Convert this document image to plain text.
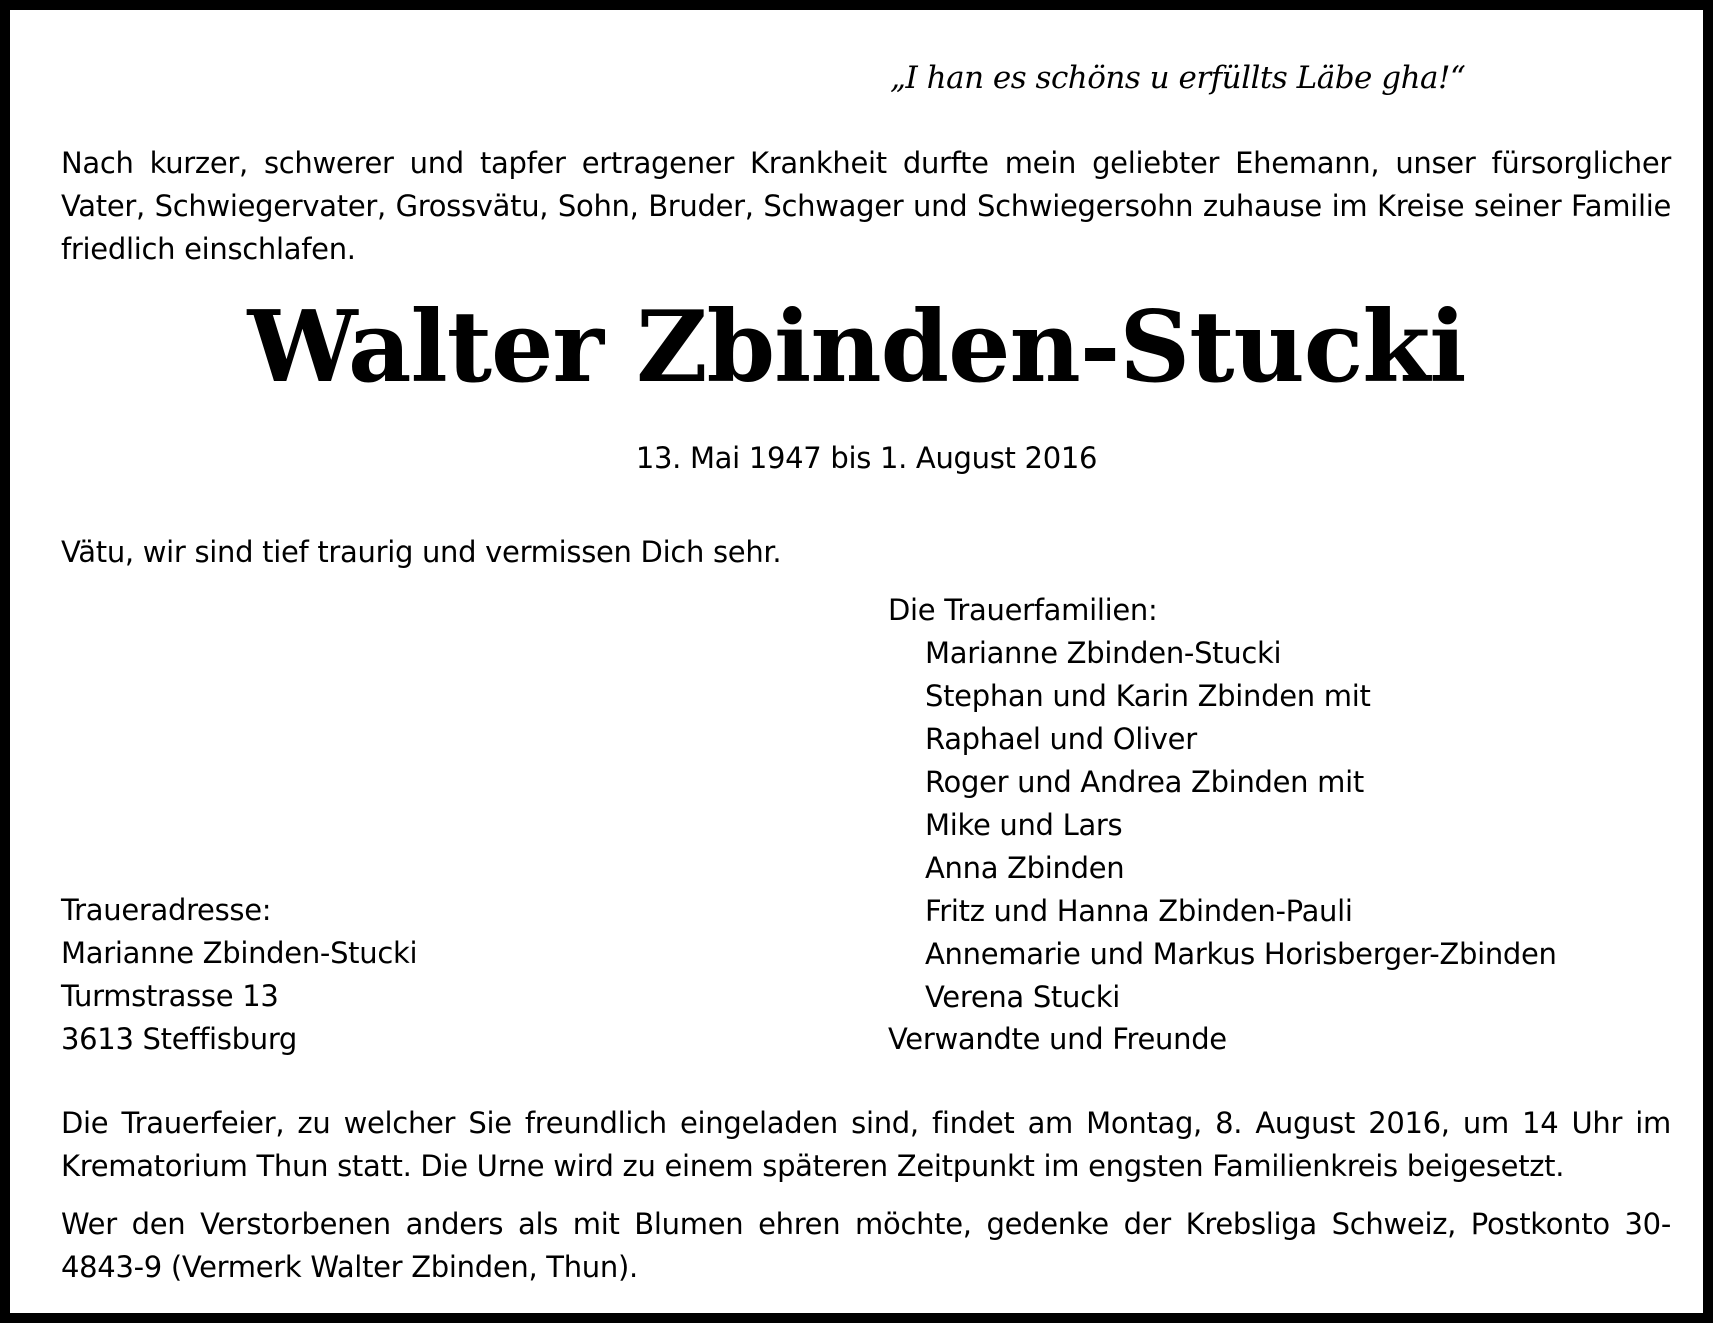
„I han es schöns u erfüllts Läbe gha!“

Nach kurzer, schwerer und tapfer ertragener Krankheit durfte mein geliebter Ehemann, unser fürsorglicher Vater, Schwiegervater, Grossvätu, Sohn, Bruder, Schwager und Schwiegersohn zuhause im Kreise seiner Familie friedlich einschlafen.

Walter Zbinden-Stucki

13. Mai 1947 bis 1. August 2016

Vätu, wir sind tief traurig und vermissen Dich sehr.

Die Trauerfamilien:

Marianne Zbinden-Stucki
Stephan und Karin Zbinden mit
Raphael und Oliver
Roger und Andrea Zbinden mit
Mike und Lars
Anna Zbinden
Fritz und Hanna Zbinden-Pauli
Annemarie und Markus Horisberger-Zbinden
Verena Stucki

Verwandte und Freunde

Traueradresse:
Marianne Zbinden-Stucki
Turmstrasse 13
3613 Steffisburg

Die Trauerfeier, zu welcher Sie freundlich eingeladen sind, findet am Montag, 8. August 2016, um 14 Uhr im Krematorium Thun statt. Die Urne wird zu einem späteren Zeitpunkt im engsten Familienkreis beigesetzt.

Wer den Verstorbenen anders als mit Blumen ehren möchte, gedenke der Krebsliga Schweiz, Postkonto 30-4843-9 (Vermerk Walter Zbinden, Thun).
